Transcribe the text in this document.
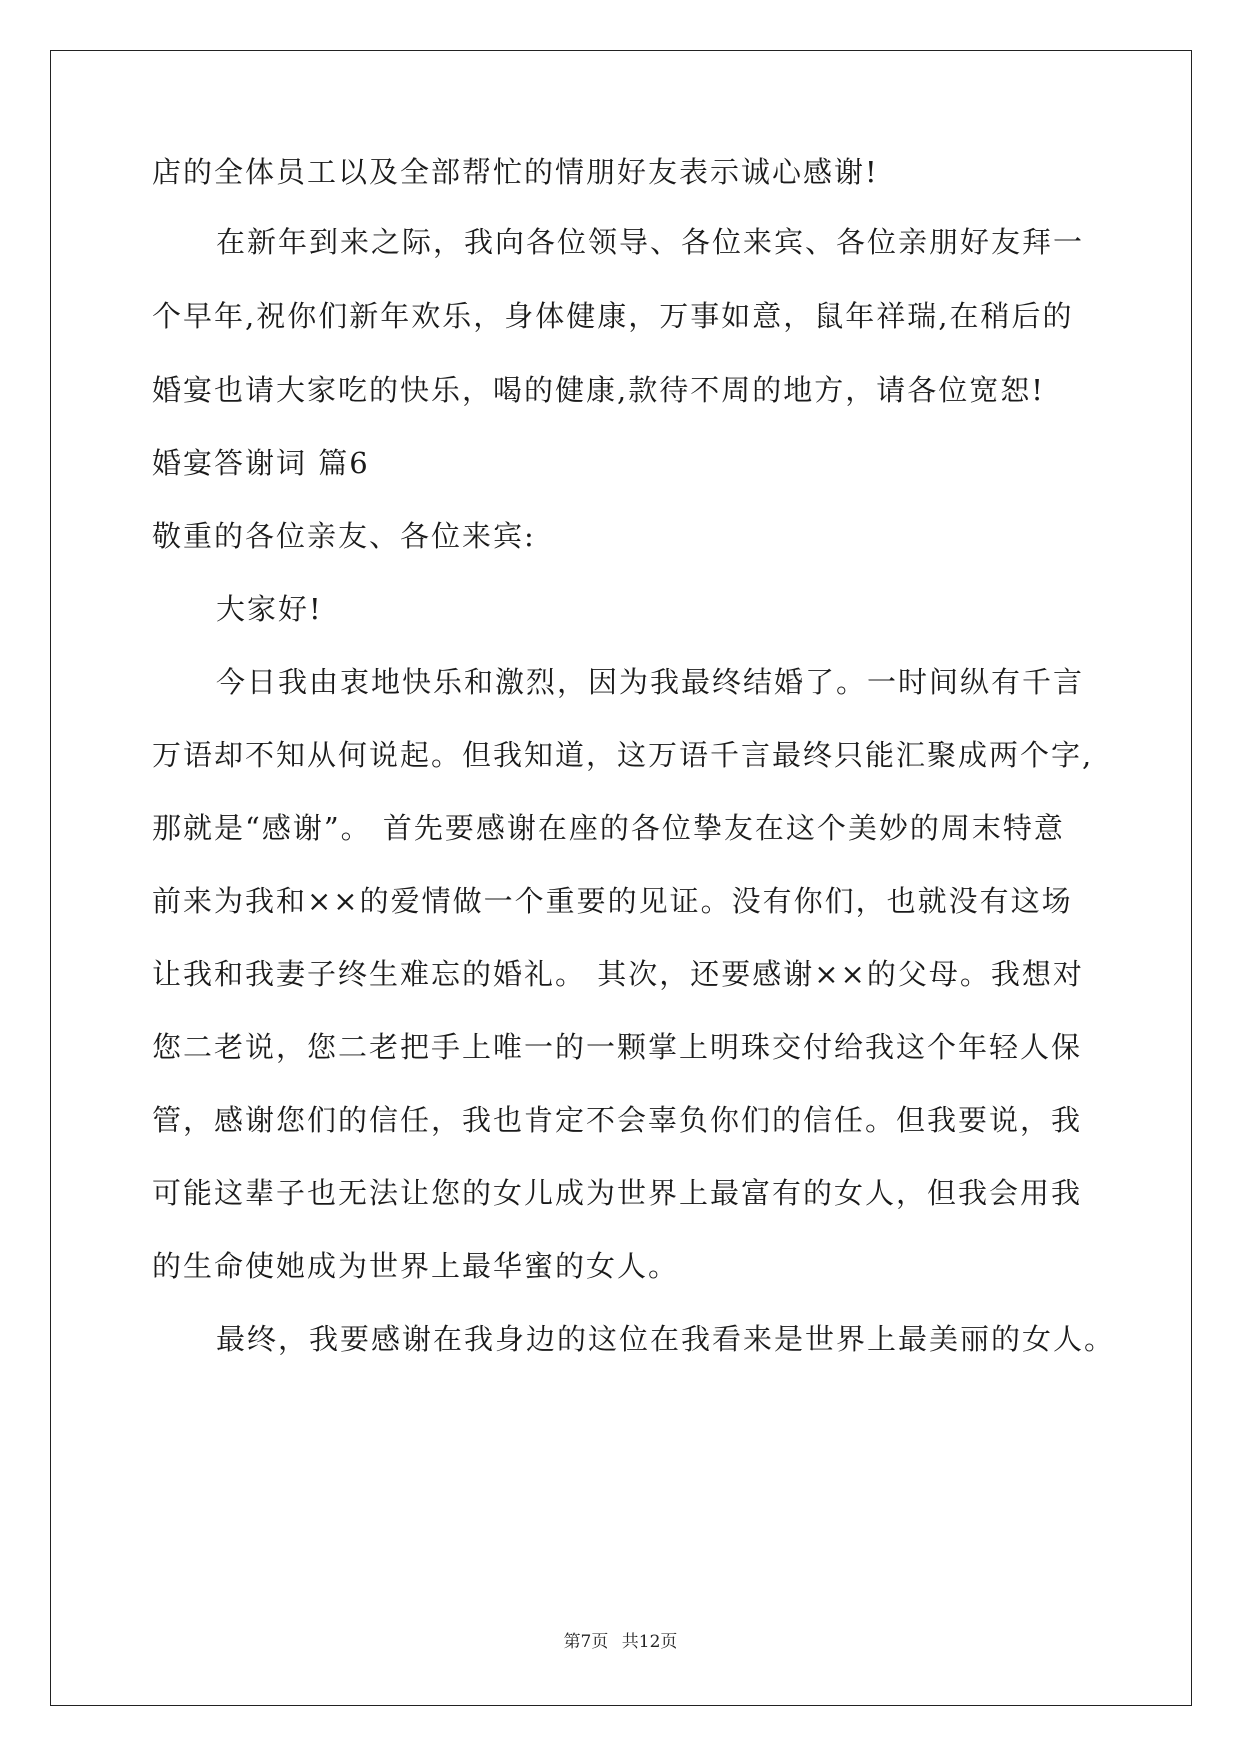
店的全体员工以及全部帮忙的情朋好友表示诚心感谢!
在新年到来之际，我向各位领导、各位来宾、各位亲朋好友拜一
个早年,祝你们新年欢乐，身体健康，万事如意，鼠年祥瑞,在稍后的
婚宴也请大家吃的快乐，喝的健康,款待不周的地方，请各位宽恕!
婚宴答谢词 篇6
敬重的各位亲友、各位来宾:
大家好!
今日我由衷地快乐和激烈，因为我最终结婚了。一时间纵有千言
万语却不知从何说起。但我知道，这万语千言最终只能汇聚成两个字,
那就是“感谢”。 首先要感谢在座的各位挚友在这个美妙的周末特意
前来为我和××的爱情做一个重要的见证。没有你们，也就没有这场
让我和我妻子终生难忘的婚礼。 其次，还要感谢××的父母。我想对
您二老说，您二老把手上唯一的一颗掌上明珠交付给我这个年轻人保
管，感谢您们的信任，我也肯定不会辜负你们的信任。但我要说，我
可能这辈子也无法让您的女儿成为世界上最富有的女人，但我会用我
的生命使她成为世界上最华蜜的女人。
最终，我要感谢在我身边的这位在我看来是世界上最美丽的女人。
第7页 共12页
